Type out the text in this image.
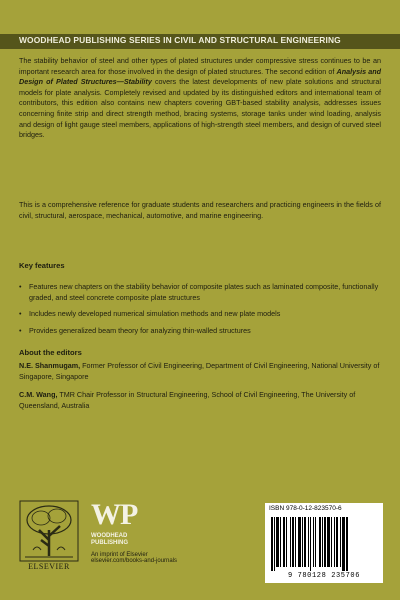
WOODHEAD PUBLISHING SERIES IN CIVIL AND STRUCTURAL ENGINEERING

The stability behavior of steel and other types of plated structures under compressive stress continues to be an important research area for those involved in the design of plated structures. The second edition of Analysis and Design of Plated Structures—Stability covers the latest developments of new plate solutions and structural models for plate analysis. Completely revised and updated by its distinguished editors and international team of contributors, this edition also contains new chapters covering GBT-based stability analysis, addresses issues concerning finite strip and direct strength method, bracing systems, storage tanks under wind loading, analysis and design of light gauge steel members, applications of high-strength steel members, and design of curved steel bridges.

This is a comprehensive reference for graduate students and researchers and practicing engineers in the fields of civil, structural, aerospace, mechanical, automotive, and marine engineering.

Key features
• Features new chapters on the stability behavior of composite plates such as laminated composite, functionally graded, and steel concrete composite plate structures
• Includes newly developed numerical simulation methods and new plate models
• Provides generalized beam theory for analyzing thin-walled structures
About the editors
N.E. Shanmugam, Former Professor of Civil Engineering, Department of Civil Engineering, National University of Singapore, Singapore
C.M. Wang, TMR Chair Professor in Structural Engineering, School of Civil Engineering, The University of Queensland, Australia
ELSEVIER
WP
WOODHEAD
PUBLISHING
An imprint of Elsevier
elsevier.com/books-and-journals
ISBN 978-0-12-823570-6
9 780128 235706
